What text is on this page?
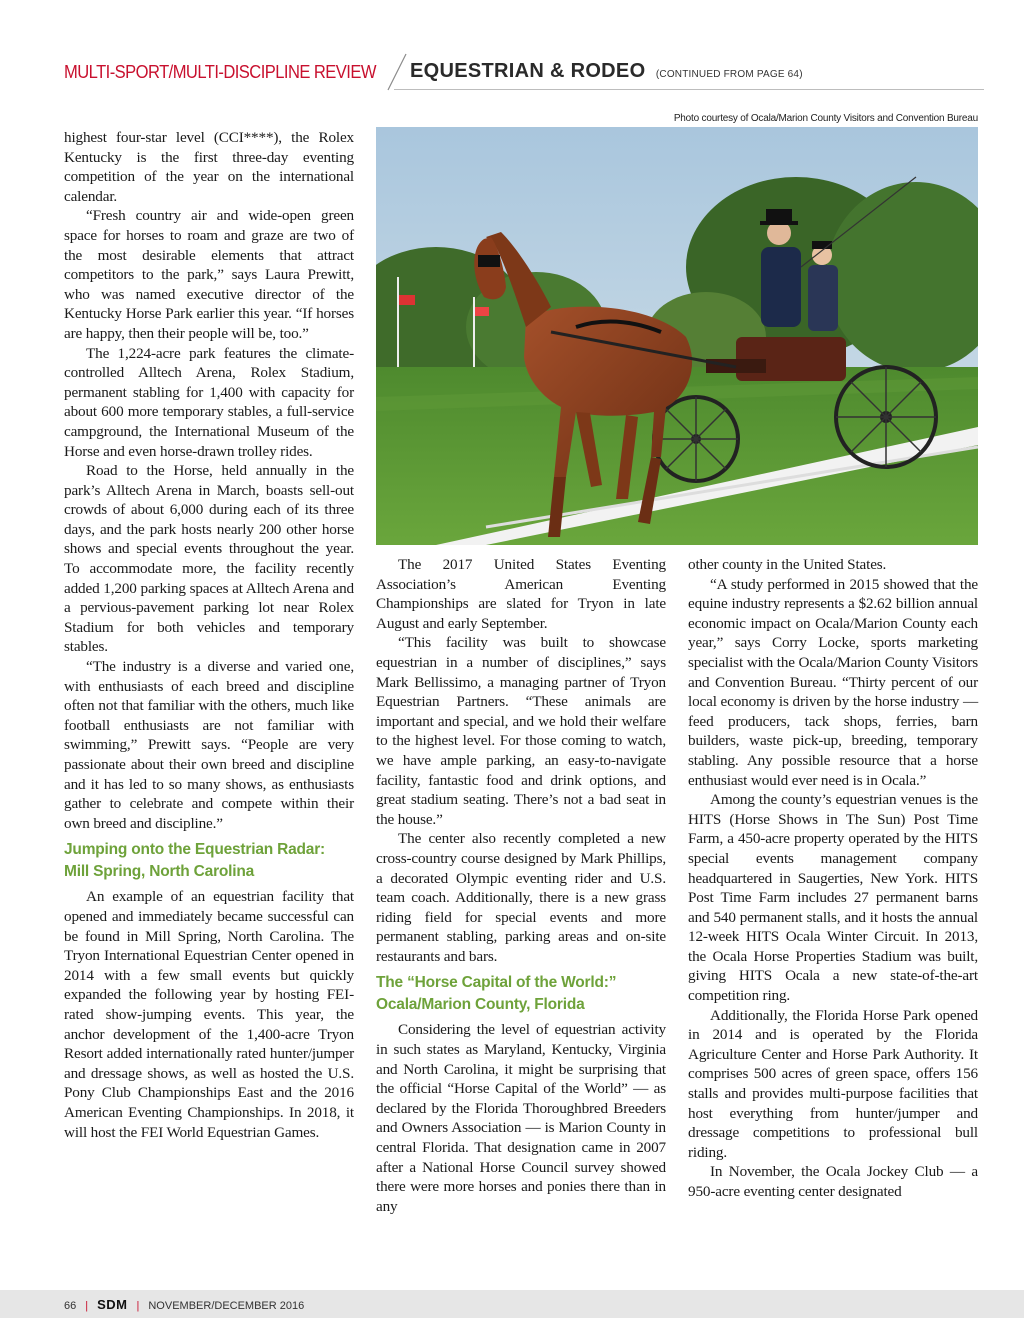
MULTI-SPORT/MULTI-DISCIPLINE REVIEW EQUESTRIAN & RODEO (CONTINUED FROM PAGE 64)

highest four-star level (CCI****), the Rolex Kentucky is the first three-day eventing competition of the year on the international calendar.

“Fresh country air and wide-open green space for horses to roam and graze are two of the most desirable elements that attract competitors to the park,” says Laura Prewitt, who was named executive director of the Kentucky Horse Park earlier this year. “If horses are happy, then their people will be, too.”

The 1,224-acre park features the climate-controlled Alltech Arena, Rolex Stadium, permanent stabling for 1,400 with capacity for about 600 more temporary stables, a full-service campground, the International Museum of the Horse and even horse-drawn trolley rides.

Road to the Horse, held annually in the park’s Alltech Arena in March, boasts sell-out crowds of about 6,000 during each of its three days, and the park hosts nearly 200 other horse shows and special events throughout the year. To accommodate more, the facility recently added 1,200 parking spaces at Alltech Arena and a pervious-pavement parking lot near Rolex Stadium for both vehicles and temporary stables.

“The industry is a diverse and varied one, with enthusiasts of each breed and discipline often not that familiar with the others, much like football enthusiasts are not familiar with swimming,” Prewitt says. “People are very passionate about their own breed and discipline and it has led to so many shows, as enthusiasts gather to celebrate and compete within their own breed and discipline.”

Jumping onto the Equestrian Radar: Mill Spring, North Carolina

An example of an equestrian facility that opened and immediately became successful can be found in Mill Spring, North Carolina. The Tryon International Equestrian Center opened in 2014 with a few small events but quickly expanded the following year by hosting FEI-rated show-jumping events. This year, the anchor development of the 1,400-acre Tryon Resort added internationally rated hunter/jumper and dressage shows, as well as hosted the U.S. Pony Club Championships East and the 2016 American Eventing Championships. In 2018, it will host the FEI World Equestrian Games.

Photo courtesy of Ocala/Marion County Visitors and Convention Bureau

The 2017 United States Eventing Association’s American Eventing Championships are slated for Tryon in late August and early September.

“This facility was built to showcase equestrian in a number of disciplines,” says Mark Bellissimo, a managing partner of Tryon Equestrian Partners. “These animals are important and special, and we hold their welfare to the highest level. For those coming to watch, we have ample parking, an easy-to-navigate facility, fantastic food and drink options, and great stadium seating. There’s not a bad seat in the house.”

The center also recently completed a new cross-country course designed by Mark Phillips, a decorated Olympic eventing rider and U.S. team coach. Additionally, there is a new grass riding field for special events and more permanent stabling, parking areas and on-site restaurants and bars.

The “Horse Capital of the World:” Ocala/Marion County, Florida

Considering the level of equestrian activity in such states as Maryland, Kentucky, Virginia and North Carolina, it might be surprising that the official “Horse Capital of the World” — as declared by the Florida Thoroughbred Breeders and Owners Association — is Marion County in central Florida. That designation came in 2007 after a National Horse Council survey showed there were more horses and ponies there than in any

other county in the United States.

“A study performed in 2015 showed that the equine industry represents a $2.62 billion annual economic impact on Ocala/Marion County each year,” says Corry Locke, sports marketing specialist with the Ocala/Marion County Visitors and Convention Bureau. “Thirty percent of our local economy is driven by the horse industry — feed producers, tack shops, ferries, barn builders, waste pick-up, breeding, temporary stabling. Any possible resource that a horse enthusiast would ever need is in Ocala.”

Among the county’s equestrian venues is the HITS (Horse Shows in The Sun) Post Time Farm, a 450-acre property operated by the HITS special events management company headquartered in Saugerties, New York. HITS Post Time Farm includes 27 permanent barns and 540 permanent stalls, and it hosts the annual 12-week HITS Ocala Winter Circuit. In 2013, the Ocala Horse Properties Stadium was built, giving HITS Ocala a new state-of-the-art competition ring.

Additionally, the Florida Horse Park opened in 2014 and is operated by the Florida Agriculture Center and Horse Park Authority. It comprises 500 acres of green space, offers 156 stalls and provides multi-purpose facilities that host everything from hunter/jumper and dressage competitions to professional bull riding.

In November, the Ocala Jockey Club — a 950-acre eventing center designated

66 | SDM | NOVEMBER/DECEMBER 2016
